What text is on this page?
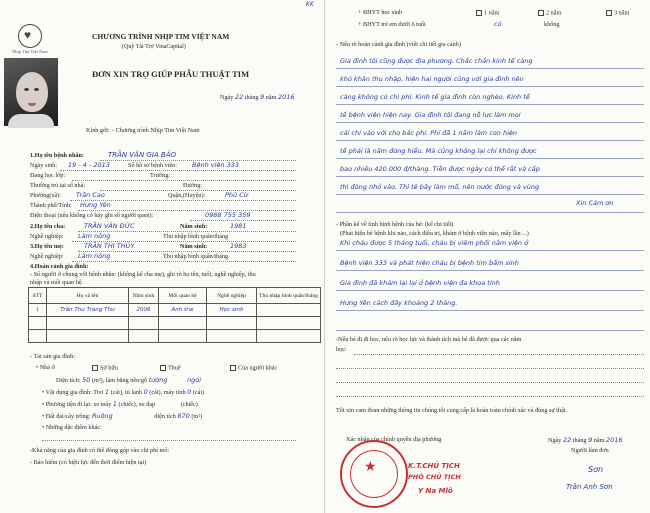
♥
Nhịp Tim Việt Nam
CHƯƠNG TRÌNH NHỊP TIM VIỆT NAM
(Quỹ Tài Trợ VinaCapital)
ĐƠN XIN TRỢ GIÚP PHẪU THUẬT TIM
Ngày 22 tháng 9 năm 2016
Kính gởi: - Chương trình Nhịp Tim Việt Nam
1.Họ tên bệnh nhân:	TRẦN VĂN GIA BẢO
Ngày sinh: 19 - 4 - 2013	Số hồ sơ bệnh viện: Bệnh viện 333
Đang học lớp:	Trường:
Thường trú tại số nhà:	Đường:
Phường(xã): Trần Cao	Quận,(Huyện):	Phù Cừ
Thành phố/Tỉnh: Hưng Yên
Điện thoại (nếu không có hãy ghi số người quen):	0988 755 359
2.Họ tên cha:	TRẦN VĂN ĐỨC	Năm sinh:	1981
Nghề nghiệp: Làm nông	Thu nhập bình quân/tháng
3.Họ tên mẹ:	TRẦN THỊ THÚY	Năm sinh:	1983
Nghề nghiệp: Làm nông	Thu nhập bình quân/tháng
4.Hoàn cảnh gia đình:
- Số người ở chung với bệnh nhân: (không kể cha mẹ), ghi rõ họ tên, tuổi, nghề nghiệp, thu
nhập và mối quan hệ.
STT	Họ và tên	Năm sinh	Mối quan hệ	Nghề nghiệp	Thu nhập bình quân/tháng
1	Trần Thu Trang Thư	2006	Anh trai	Học sinh	

- Tài sản gia đình:
• Nhà ở	Sở hữu	Thuê	Của người khác
Diện tích: 50 (m²), làm bằng nền/gỗ tường	ngói
• Vật dụng gia đình: Tivi 1 (cái), tủ lạnh 0 (cái), máy tính 0 (cái)
• Phương tiện đi lại: xe máy 1 (chiếc), xe đạp	(chiếc)
• Đất đai/cây trồng: Ruộng	diện tích 870 (m²)
• Những đặc điểm khác:
-Khả năng của gia đình có thể đóng góp vào chi phí mổ:
- Bảo hiểm (có hiệu lực đến thời điểm hiện tại)
KK
+ BHYT học sinh
+ BHYT trẻ em dưới 6 tuổi
1 năm	2 năm	3 năm
có	không
- Nêu rõ hoàn cảnh gia đình (viết chi tiết gia cảnh)
Gia đình tôi cũng được địa phương. Chắc chắn kinh tế càng
khó khăn thu nhập, hiện hai người cũng với gia đình nên
càng không có chi phí. Kinh tế gia đình còn nghèo. Kinh tế
tế bệnh viện hiện nay. Gia đình tôi đang nỗ lực làm mọi
cái chi vào với cho bác phí. Phí đã 1 năm làm con hiện
tế phải là năm đóng hiểu. Mà cũng không lại chỉ không được
bao nhiêu 420.000 đ/tháng. Tiền được ngày có thể rất và cấp
thì đóng nhỏ vào. Thì tê bấy làm mổ, nên nước đóng và vùng
Xin Cảm ơn
- Phần kể về tình hình bệnh của bé: (kể chi tiết)
(Phát hiện bé bệnh khi nào, cách điều trị, khám ở bệnh viện nào, mấy lần ...)
Khi cháu được 5 tháng tuổi, cháu bị viêm phổi nằm viện ở
Bệnh viện 333 và phát hiện cháu bị bệnh tim bẩm sinh
Gia đình đã khám lại lại ở bệnh viện đa khoa tỉnh
Hưng Yên cách đây khoảng 2 tháng.
-Nếu bé đi đi học, nêu rõ học lực và thành tích mà bé đã được qua các năm
học:
Tôi xin cam đoan những thông tin chúng tôi cung cấp là hoàn toàn chính xác và đúng sự thật.
Xác nhận của chính quyền địa phương	Ngày 22 tháng 9 năm 2016
Người làm đơn
Sơn
Trần Anh Sơn
K.T.CHỦ TỊCH
PHÓ CHỦ TỊCH
Y Na Mlô
★
